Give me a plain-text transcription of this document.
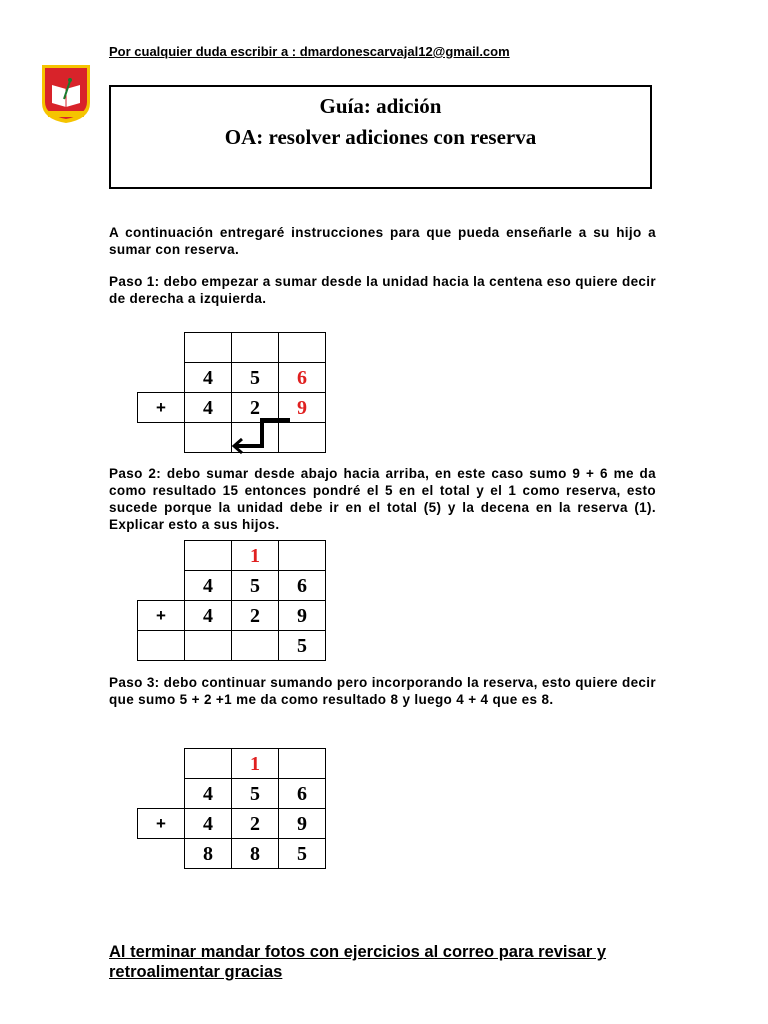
Por cualquier duda escribir a : dmardonescarvajal12@gmail.com
Guía: adición
OA: resolver adiciones con reserva
A continuación entregaré instrucciones para que pueda enseñarle a su hijo a sumar con reserva.
Paso 1: debo empezar a sumar desde la unidad hacia la centena eso quiere decir de derecha a izquierda.

	4	5	6
+	4	2	9

Paso 2: debo sumar desde abajo hacia arriba, en este caso sumo 9 + 6 me da como resultado 15 entonces pondré el 5 en el total y el 1 como reserva, esto sucede porque la unidad debe ir en el total (5) y la decena en la reserva (1). Explicar esto a sus hijos.
		1	
	4	5	6
+	4	2	9
			5
Paso 3: debo continuar sumando pero incorporando la reserva, esto quiere decir que sumo 5 + 2 +1 me da como resultado 8 y luego 4 + 4 que es 8.
		1	
	4	5	6
+	4	2	9
	8	8	5
Al terminar mandar fotos con ejercicios al correo para revisar y retroalimentar gracias
